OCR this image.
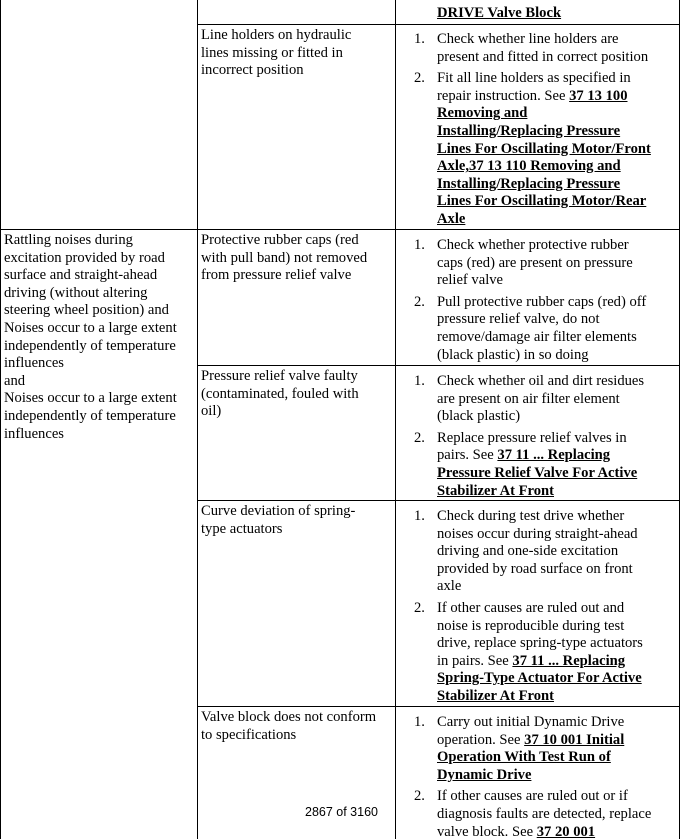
DRIVE Valve Block
Rattling noises during
excitation provided by road
surface and straight-ahead
driving (without altering
steering wheel position) and
Noises occur to a large extent
independently of temperature
influences
and
Noises occur to a large extent
independently of temperature
influences
Line holders on hydraulic
lines missing or fitted in
incorrect position
1. Check whether line holders are
present and fitted in correct position
2. Fit all line holders as specified in
repair instruction. See 37 13 100
Removing and
Installing/Replacing Pressure
Lines For Oscillating Motor/Front
Axle,37 13 110 Removing and
Installing/Replacing Pressure
Lines For Oscillating Motor/Rear
Axle
Protective rubber caps (red
with pull band) not removed
from pressure relief valve
1. Check whether protective rubber
caps (red) are present on pressure
relief valve
2. Pull protective rubber caps (red) off
pressure relief valve, do not
remove/damage air filter elements
(black plastic) in so doing
Pressure relief valve faulty
(contaminated, fouled with
oil)
1. Check whether oil and dirt residues
are present on air filter element
(black plastic)
2. Replace pressure relief valves in
pairs. See 37 11 ... Replacing
Pressure Relief Valve For Active
Stabilizer At Front
Curve deviation of spring-
type actuators
1. Check during test drive whether
noises occur during straight-ahead
driving and one-side excitation
provided by road surface on front
axle
2. If other causes are ruled out and
noise is reproducible during test
drive, replace spring-type actuators
in pairs. See 37 11 ... Replacing
Spring-Type Actuator For Active
Stabilizer At Front
Valve block does not conform
to specifications
1. Carry out initial Dynamic Drive
operation. See 37 10 001 Initial
Operation With Test Run of
Dynamic Drive
2. If other causes are ruled out or if
diagnosis faults are detected, replace
valve block. See 37 20 001
2867 of 3160
